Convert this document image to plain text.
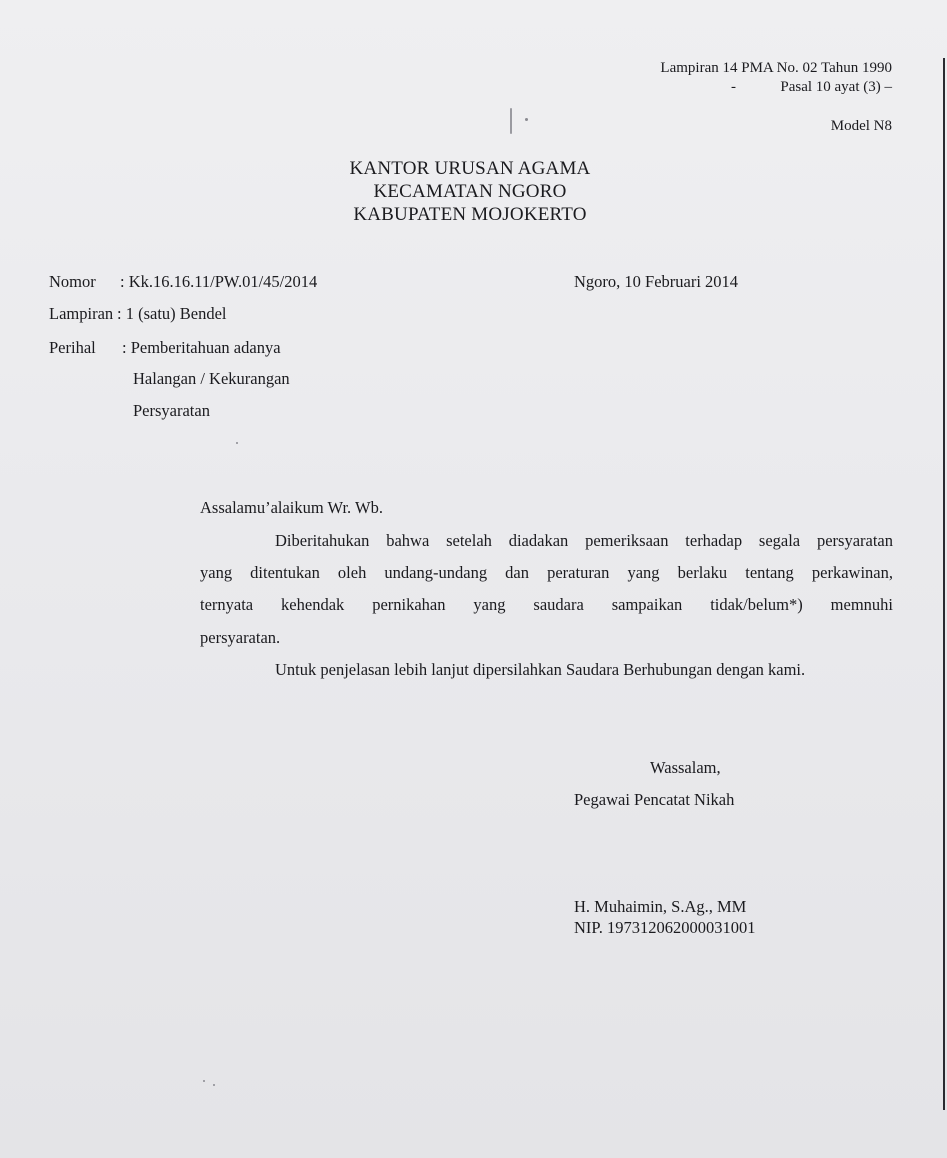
Lampiran 14 PMA No. 02 Tahun 1990
-	Pasal 10 ayat (3) –
Model N8
KANTOR URUSAN AGAMA
KECAMATAN NGORO
KABUPATEN MOJOKERTO
Nomor : Kk.16.16.11/PW.01/45/2014	Ngoro, 10 Februari 2014
Lampiran : 1 (satu) Bendel
Perihal : Pemberitahuan adanya
Halangan / Kekurangan
Persyaratan
Assalamu’alaikum Wr. Wb.
Diberitahukan bahwa setelah diadakan pemeriksaan terhadap segala persyaratan
yang ditentukan oleh undang-undang dan peraturan yang berlaku tentang perkawinan,
ternyata kehendak pernikahan yang saudara sampaikan tidak/belum*) memnuhi
persyaratan.
Untuk penjelasan lebih lanjut dipersilahkan Saudara Berhubungan dengan kami.
Wassalam,
Pegawai Pencatat Nikah
H. Muhaimin, S.Ag., MM
NIP. 197312062000031001
